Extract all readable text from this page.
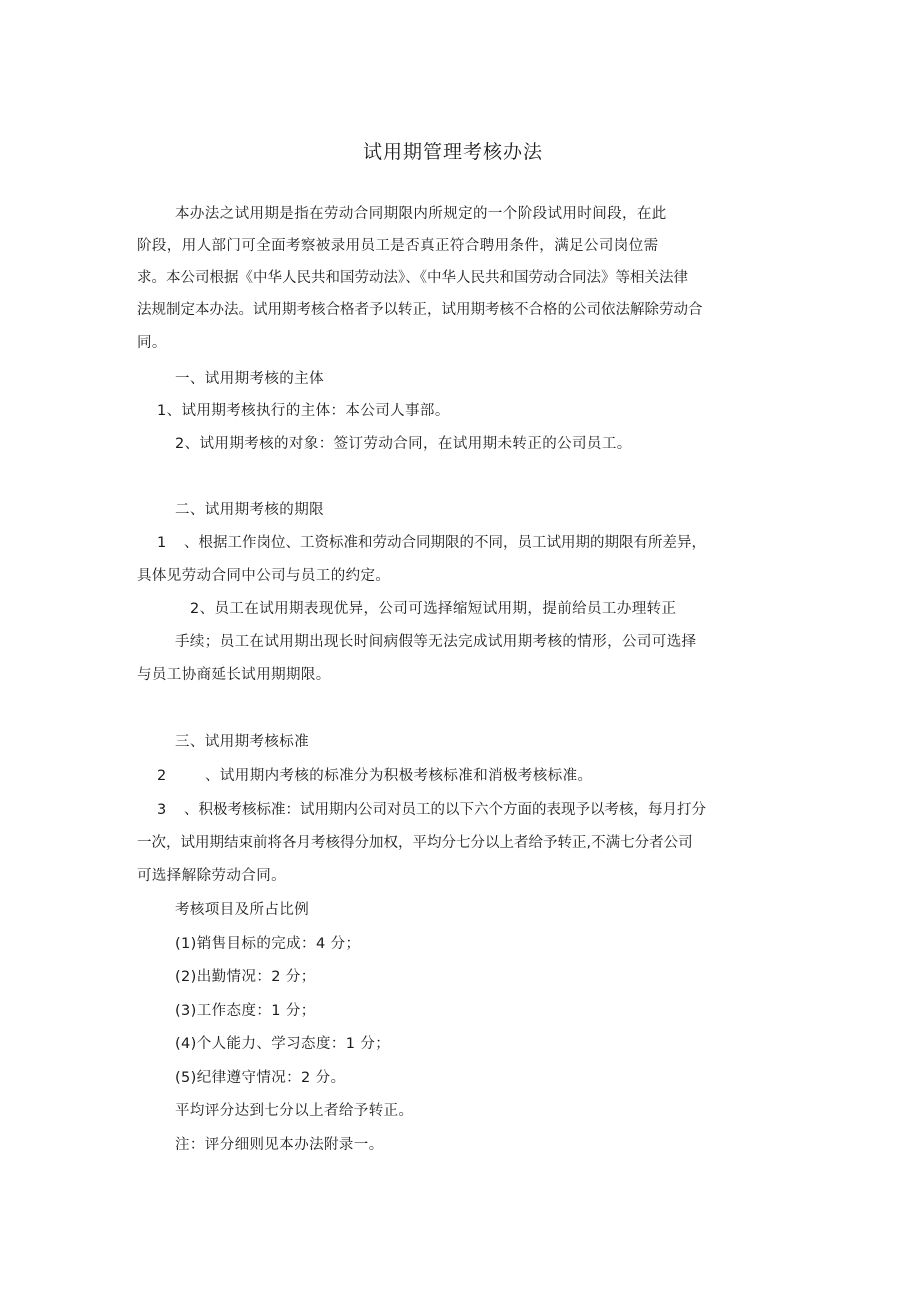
试用期管理考核办法
本办法之试用期是指在劳动合同期限内所规定的一个阶段试用时间段，在此
阶段，用人部门可全面考察被录用员工是否真正符合聘用条件，满足公司岗位需
求。本公司根据《中华人民共和国劳动法》、《中华人民共和国劳动合同法》等相关法律
法规制定本办法。试用期考核合格者予以转正，试用期考核不合格的公司依法解除劳动合
同。
一、试用期考核的主体
1、试用期考核执行的主体：本公司人事部。
2、试用期考核的对象：签订劳动合同，在试用期未转正的公司员工。
二、试用期考核的期限
1 、根据工作岗位、工资标准和劳动合同期限的不同，员工试用期的期限有所差异，
具体见劳动合同中公司与员工的约定。
2、员工在试用期表现优异，公司可选择缩短试用期，提前给员工办理转正
手续；员工在试用期出现长时间病假等无法完成试用期考核的情形，公司可选择
与员工协商延长试用期期限。
三、试用期考核标准
2	、试用期内考核的标准分为积极考核标准和消极考核标准。
3 、积极考核标准：试用期内公司对员工的以下六个方面的表现予以考核，每月打分
一次，试用期结束前将各月考核得分加权，平均分七分以上者给予转正,不满七分者公司
可选择解除劳动合同。
考核项目及所占比例
(1)销售目标的完成：4 分；
(2)出勤情况：2 分；
(3)工作态度：1 分；
(4)个人能力、学习态度：1 分；
(5)纪律遵守情况：2 分。
平均评分达到七分以上者给予转正。
注：评分细则见本办法附录一。
